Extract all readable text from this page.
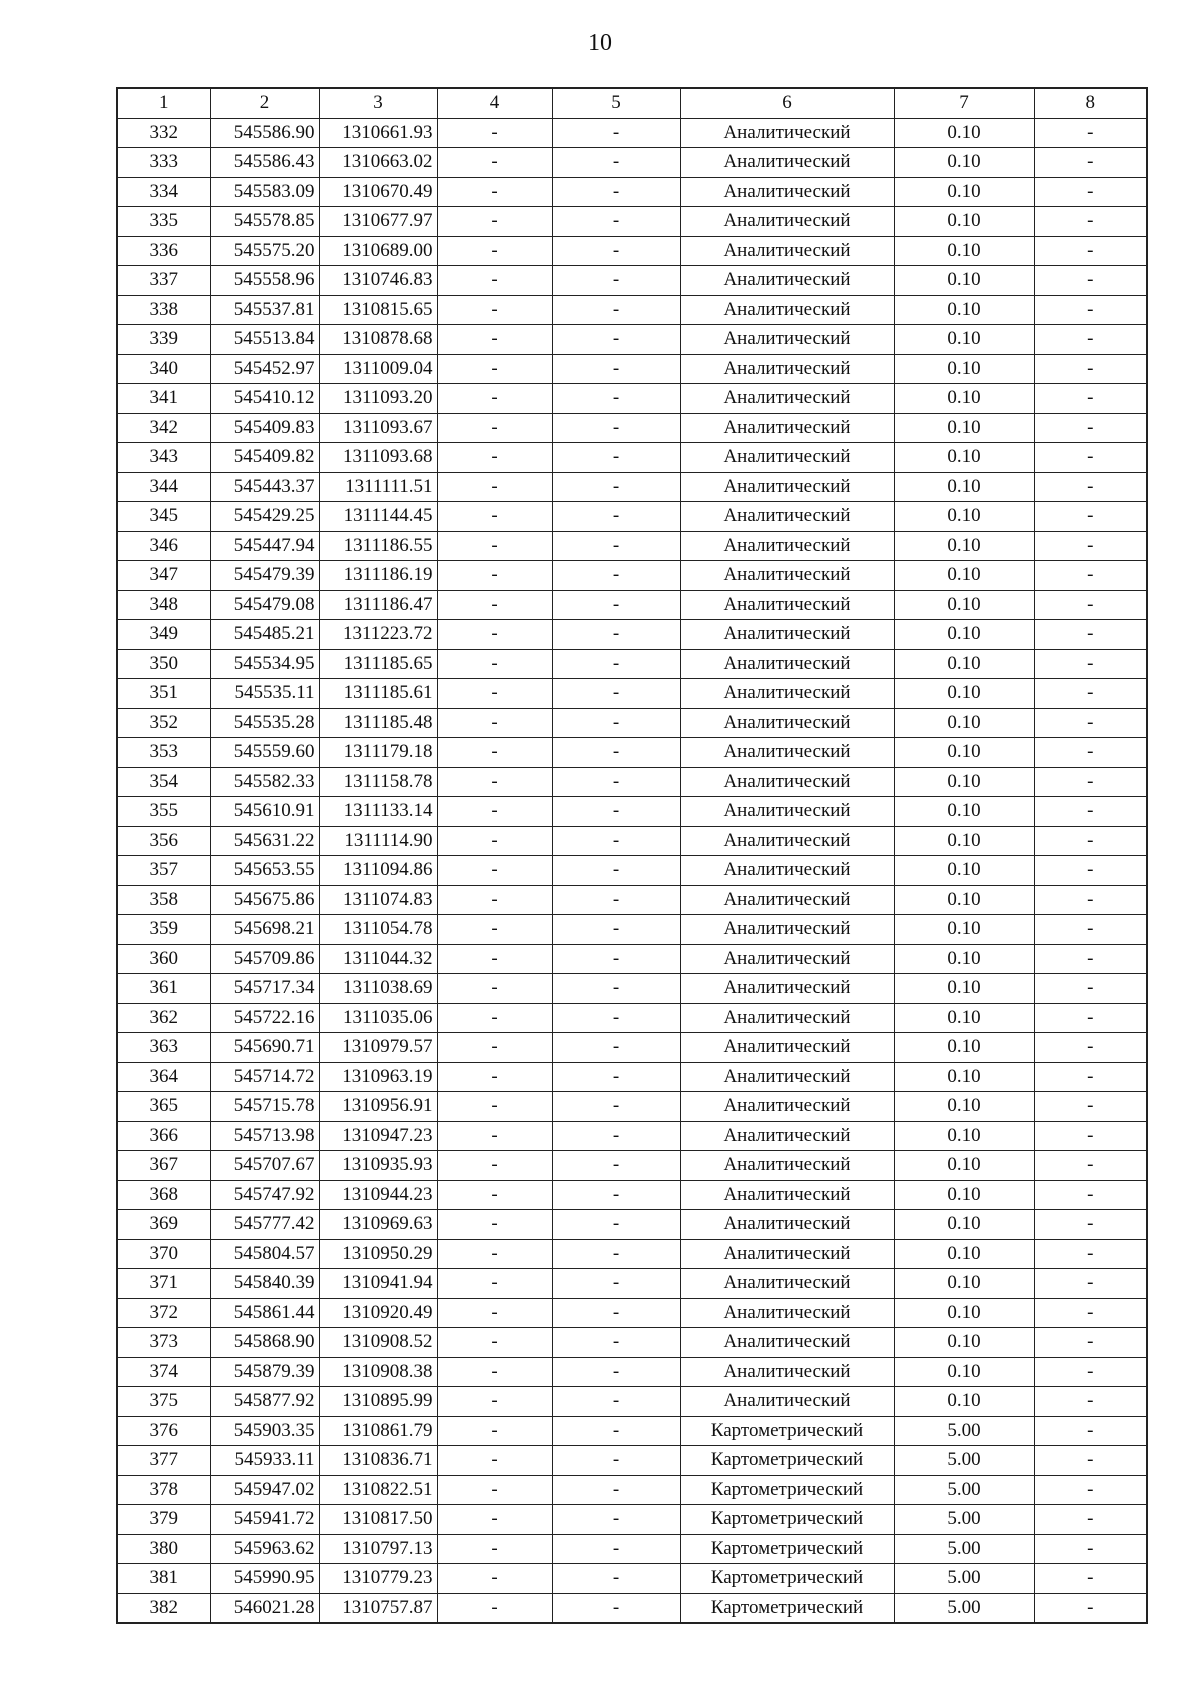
10
1	2	3	4	5	6	7	8
332	545586.90	1310661.93	-	-	Аналитический	0.10	-
333	545586.43	1310663.02	-	-	Аналитический	0.10	-
334	545583.09	1310670.49	-	-	Аналитический	0.10	-
335	545578.85	1310677.97	-	-	Аналитический	0.10	-
336	545575.20	1310689.00	-	-	Аналитический	0.10	-
337	545558.96	1310746.83	-	-	Аналитический	0.10	-
338	545537.81	1310815.65	-	-	Аналитический	0.10	-
339	545513.84	1310878.68	-	-	Аналитический	0.10	-
340	545452.97	1311009.04	-	-	Аналитический	0.10	-
341	545410.12	1311093.20	-	-	Аналитический	0.10	-
342	545409.83	1311093.67	-	-	Аналитический	0.10	-
343	545409.82	1311093.68	-	-	Аналитический	0.10	-
344	545443.37	1311111.51	-	-	Аналитический	0.10	-
345	545429.25	1311144.45	-	-	Аналитический	0.10	-
346	545447.94	1311186.55	-	-	Аналитический	0.10	-
347	545479.39	1311186.19	-	-	Аналитический	0.10	-
348	545479.08	1311186.47	-	-	Аналитический	0.10	-
349	545485.21	1311223.72	-	-	Аналитический	0.10	-
350	545534.95	1311185.65	-	-	Аналитический	0.10	-
351	545535.11	1311185.61	-	-	Аналитический	0.10	-
352	545535.28	1311185.48	-	-	Аналитический	0.10	-
353	545559.60	1311179.18	-	-	Аналитический	0.10	-
354	545582.33	1311158.78	-	-	Аналитический	0.10	-
355	545610.91	1311133.14	-	-	Аналитический	0.10	-
356	545631.22	1311114.90	-	-	Аналитический	0.10	-
357	545653.55	1311094.86	-	-	Аналитический	0.10	-
358	545675.86	1311074.83	-	-	Аналитический	0.10	-
359	545698.21	1311054.78	-	-	Аналитический	0.10	-
360	545709.86	1311044.32	-	-	Аналитический	0.10	-
361	545717.34	1311038.69	-	-	Аналитический	0.10	-
362	545722.16	1311035.06	-	-	Аналитический	0.10	-
363	545690.71	1310979.57	-	-	Аналитический	0.10	-
364	545714.72	1310963.19	-	-	Аналитический	0.10	-
365	545715.78	1310956.91	-	-	Аналитический	0.10	-
366	545713.98	1310947.23	-	-	Аналитический	0.10	-
367	545707.67	1310935.93	-	-	Аналитический	0.10	-
368	545747.92	1310944.23	-	-	Аналитический	0.10	-
369	545777.42	1310969.63	-	-	Аналитический	0.10	-
370	545804.57	1310950.29	-	-	Аналитический	0.10	-
371	545840.39	1310941.94	-	-	Аналитический	0.10	-
372	545861.44	1310920.49	-	-	Аналитический	0.10	-
373	545868.90	1310908.52	-	-	Аналитический	0.10	-
374	545879.39	1310908.38	-	-	Аналитический	0.10	-
375	545877.92	1310895.99	-	-	Аналитический	0.10	-
376	545903.35	1310861.79	-	-	Картометрический	5.00	-
377	545933.11	1310836.71	-	-	Картометрический	5.00	-
378	545947.02	1310822.51	-	-	Картометрический	5.00	-
379	545941.72	1310817.50	-	-	Картометрический	5.00	-
380	545963.62	1310797.13	-	-	Картометрический	5.00	-
381	545990.95	1310779.23	-	-	Картометрический	5.00	-
382	546021.28	1310757.87	-	-	Картометрический	5.00	-
